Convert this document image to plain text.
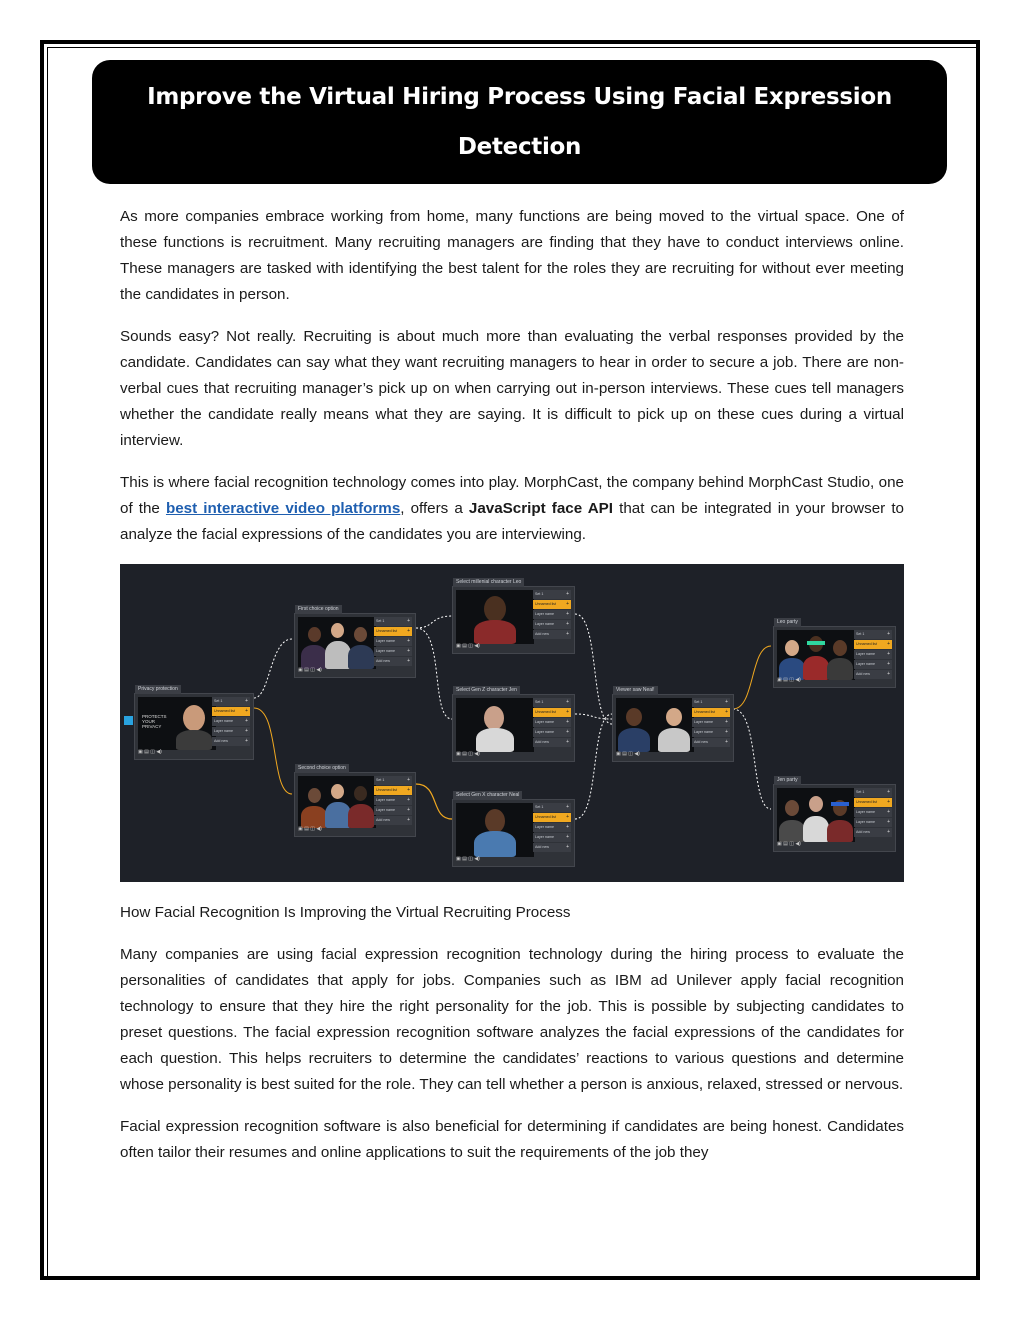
Improve the Virtual Hiring Process Using Facial Expression Detection

As more companies embrace working from home, many functions are being moved to the virtual space. One of these functions is recruitment. Many recruiting managers are finding that they have to conduct interviews online. These managers are tasked with identifying the best talent for the roles they are recruiting for without ever meeting the candidates in person.

Sounds easy? Not really. Recruiting is about much more than evaluating the verbal responses provided by the candidate. Candidates can say what they want recruiting managers to hear in order to secure a job. There are non-verbal cues that recruiting manager’s pick up on when carrying out in-person interviews. These cues tell managers whether the candidate really means what they are saying. It is difficult to pick up on these cues during a virtual interview.

This is where facial recognition technology comes into play. MorphCast, the company behind MorphCast Studio, one of the best interactive video platforms, offers a JavaScript face API that can be integrated in your browser to analyze the facial expressions of the candidates you are interviewing.

Privacy protection
PROTECTS YOUR PRIVACY
Set 1 +
Unnamed list +
Layer name +
Layer name +
Add new +
▣ ▤ ◫ ◀)
First choice option
Set 1 +
Unnamed list +
Layer name +
Layer name +
Add new +
▣ ▤ ◫ ◀)
Second choice option
Set 1 +
Unnamed list +
Layer name +
Layer name +
Add new +
▣ ▤ ◫ ◀)
Select millenial character Leo
Set 1 +
Unnamed list +
Layer name +
Layer name +
Add new +
▣ ▤ ◫ ◀)
Select Gen Z character Jen
Set 1 +
Unnamed list +
Layer name +
Layer name +
Add new +
▣ ▤ ◫ ◀)
Select Gen X character Neal
Set 1 +
Unnamed list +
Layer name +
Layer name +
Add new +
▣ ▤ ◫ ◀)
Viewer saw Neal!
Set 1 +
Unnamed list +
Layer name +
Layer name +
Add new +
▣ ▤ ◫ ◀)
Leo party
Set 1 +
Unnamed list +
Layer name +
Layer name +
Add new +
▣ ▤ ◫ ◀)
Jen party
Set 1 +
Unnamed list +
Layer name +
Layer name +
Add new +
▣ ▤ ◫ ◀)

How Facial Recognition Is Improving the Virtual Recruiting Process

Many companies are using facial expression recognition technology during the hiring process to evaluate the personalities of candidates that apply for jobs. Companies such as IBM ad Unilever apply facial recognition technology to ensure that they hire the right personality for the job. This is possible by subjecting candidates to preset questions. The facial expression recognition software analyzes the facial expressions of the candidates for each question. This helps recruiters to determine the candidates’ reactions to various questions and determine whose personality is best suited for the role. They can tell whether a person is anxious, relaxed, stressed or nervous.

Facial expression recognition software is also beneficial for determining if candidates are being honest. Candidates often tailor their resumes and online applications to suit the requirements of the job they
